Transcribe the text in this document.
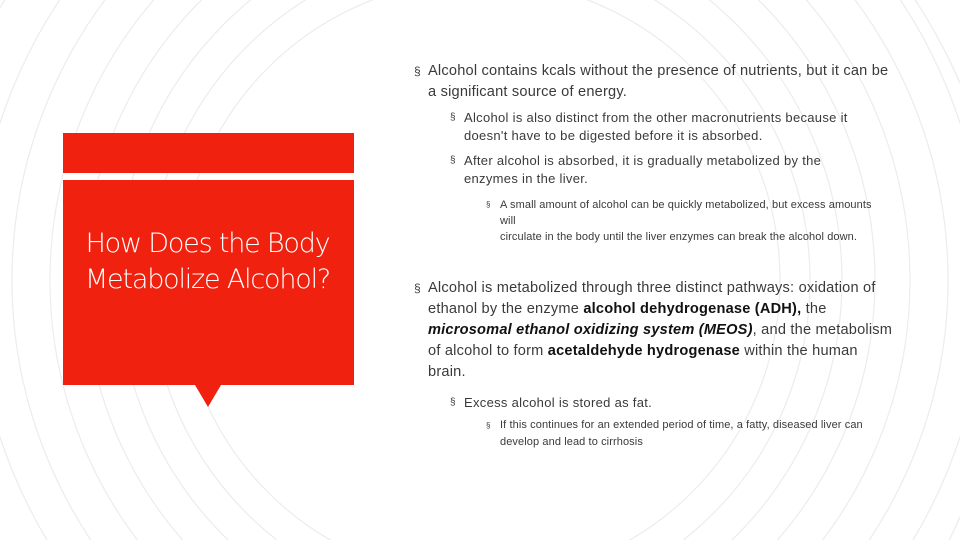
How Does the Body Metabolize Alcohol?
§ Alcohol contains kcals without the presence of nutrients, but it can be a significant source of energy.
§ Alcohol is also distinct from the other macronutrients because it doesn't have to be digested before it is absorbed.
§ After alcohol is absorbed, it is gradually metabolized by the enzymes in the liver.
§ A small amount of alcohol can be quickly metabolized, but excess amounts will
circulate in the body until the liver enzymes can break the alcohol down.
§ Alcohol is metabolized through three distinct pathways: oxidation of ethanol by the enzyme alcohol dehydrogenase (ADH), the microsomal ethanol oxidizing system (MEOS), and the metabolism of alcohol to form acetaldehyde hydrogenase within the human brain.
§ Excess alcohol is stored as fat.
§ If this continues for an extended period of time, a fatty, diseased liver can develop and lead to cirrhosis
